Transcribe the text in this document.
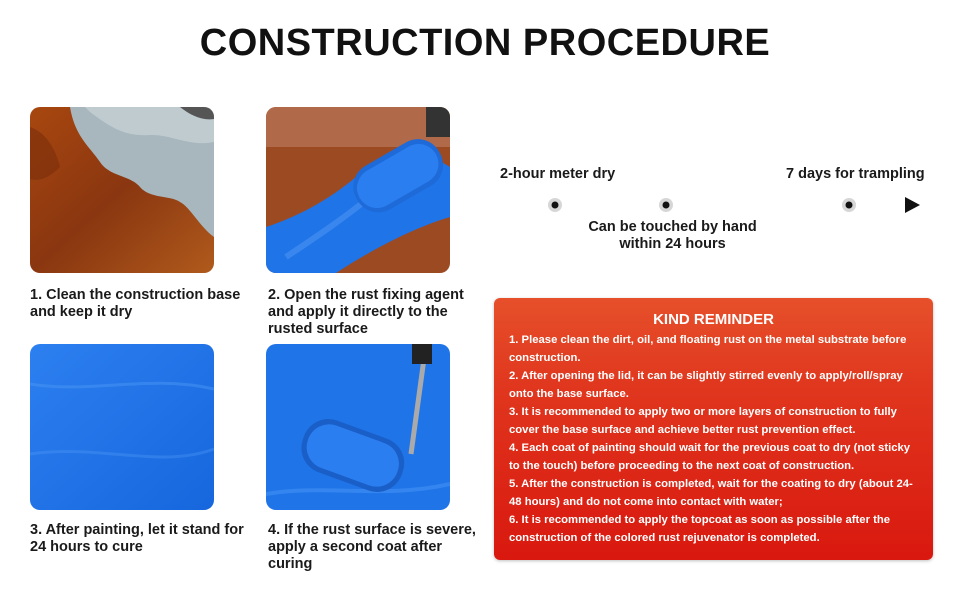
CONSTRUCTION PROCEDURE
1. Clean the construction base and keep it dry
2. Open the rust fixing agent and apply it directly to the rusted surface
3. After painting, let it stand for 24 hours to cure
4. If the rust surface is severe, apply a second coat after curing
2-hour meter dry	7 days for trampling
Can be touched by hand within 24 hours
KIND REMINDER

1. Please clean the dirt, oil, and floating rust on the metal substrate before construction.

2. After opening the lid, it can be slightly stirred evenly to apply/roll/spray onto the base surface.

3. It is recommended to apply two or more layers of construction to fully cover the base surface and achieve better rust prevention effect.

4. Each coat of painting should wait for the previous coat to dry (not sticky to the touch) before proceeding to the next coat of construction.

5. After the construction is completed, wait for the coating to dry (about 24-48 hours) and do not come into contact with water;

6. It is recommended to apply the topcoat as soon as possible after the construction of the colored rust rejuvenator is completed.
